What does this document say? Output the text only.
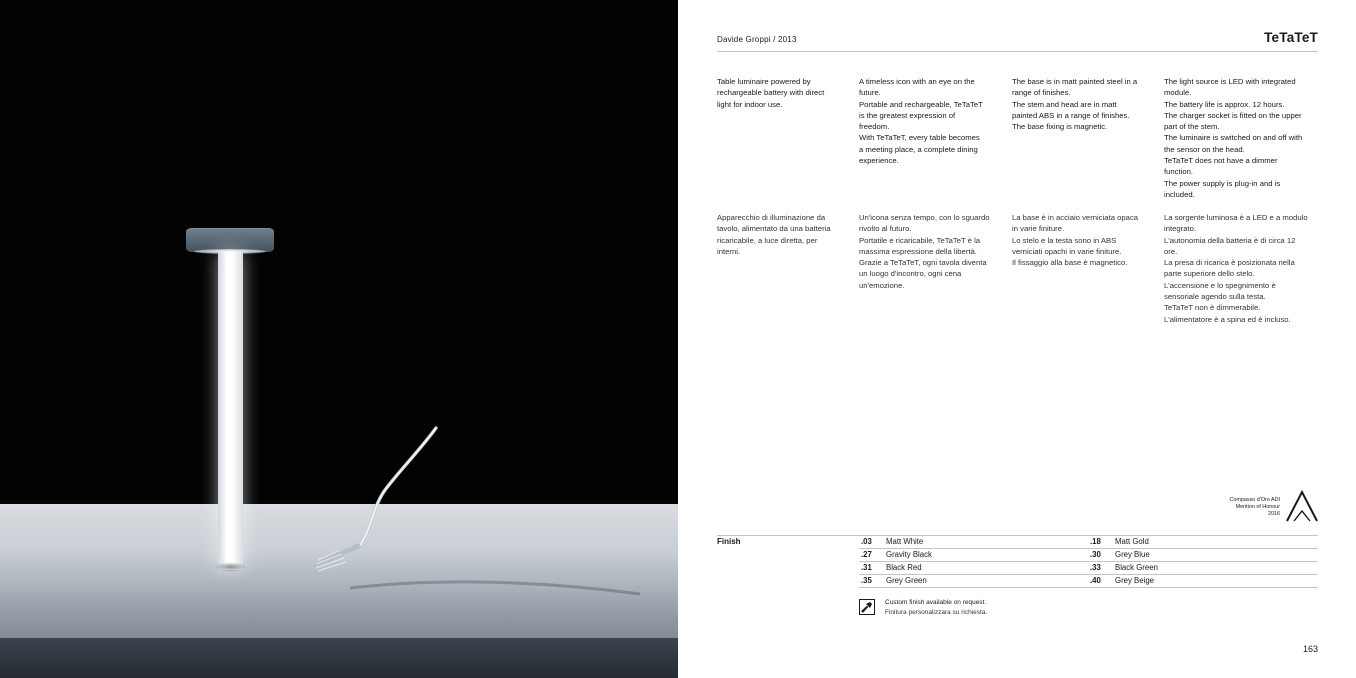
Davide Groppi / 2013	TeTaTeT
Table luminaire powered by
rechargeable battery with direct
light for indoor use.
A timeless icon with an eye on the
future.
Portable and rechargeable, TeTaTeT
is the greatest expression of
freedom.
With TeTaTeT, every table becomes
a meeting place, a complete dining
experience.
The base is in matt painted steel in a
range of finishes.
The stem and head are in matt
painted ABS in a range of finishes.
The base fixing is magnetic.
The light source is LED with integrated
module.
The battery life is approx. 12 hours.
The charger socket is fitted on the upper
part of the stem.
The luminaire is switched on and off with
the sensor on the head.
TeTaTeT does not have a dimmer
function.
The power supply is plug-in and is
included.
Apparecchio di illuminazione da
tavolo, alimentato da una batteria
ricaricabile, a luce diretta, per
interni.
Un'icona senza tempo, con lo sguardo
rivolto al futuro.
Portatile e ricaricabile, TeTaTeT è la
massima espressione della libertà.
Grazie a TeTaTeT, ogni tavola diventa
un luogo d'incontro, ogni cena
un'emozione.
La base è in acciaio verniciata opaca
in varie finiture.
Lo stelo e la testa sono in ABS
verniciati opachi in varie finiture.
Il fissaggio alla base è magnetico.
La sorgente luminosa è a LED e a modulo
integrato.
L'autonomia della batteria è di circa 12
ore.
La presa di ricarica è posizionata nella
parte superiore dello stelo.
L'accensione e lo spegnimento è
sensoriale agendo sulla testa.
TeTaTeT non è dimmerabile.
L'alimentatore è a spina ed è incluso.
Compasso d'Oro ADI
Mention of Honour
2016
Finish	.03 Matt White
.27 Gravity Black
.31 Black Red
.35 Grey Green
.18 Matt Gold
.30 Grey Blue
.33 Black Green
.40 Grey Beige
Custom finish available on request.
Finitura personalizzara su richiesta.
163
